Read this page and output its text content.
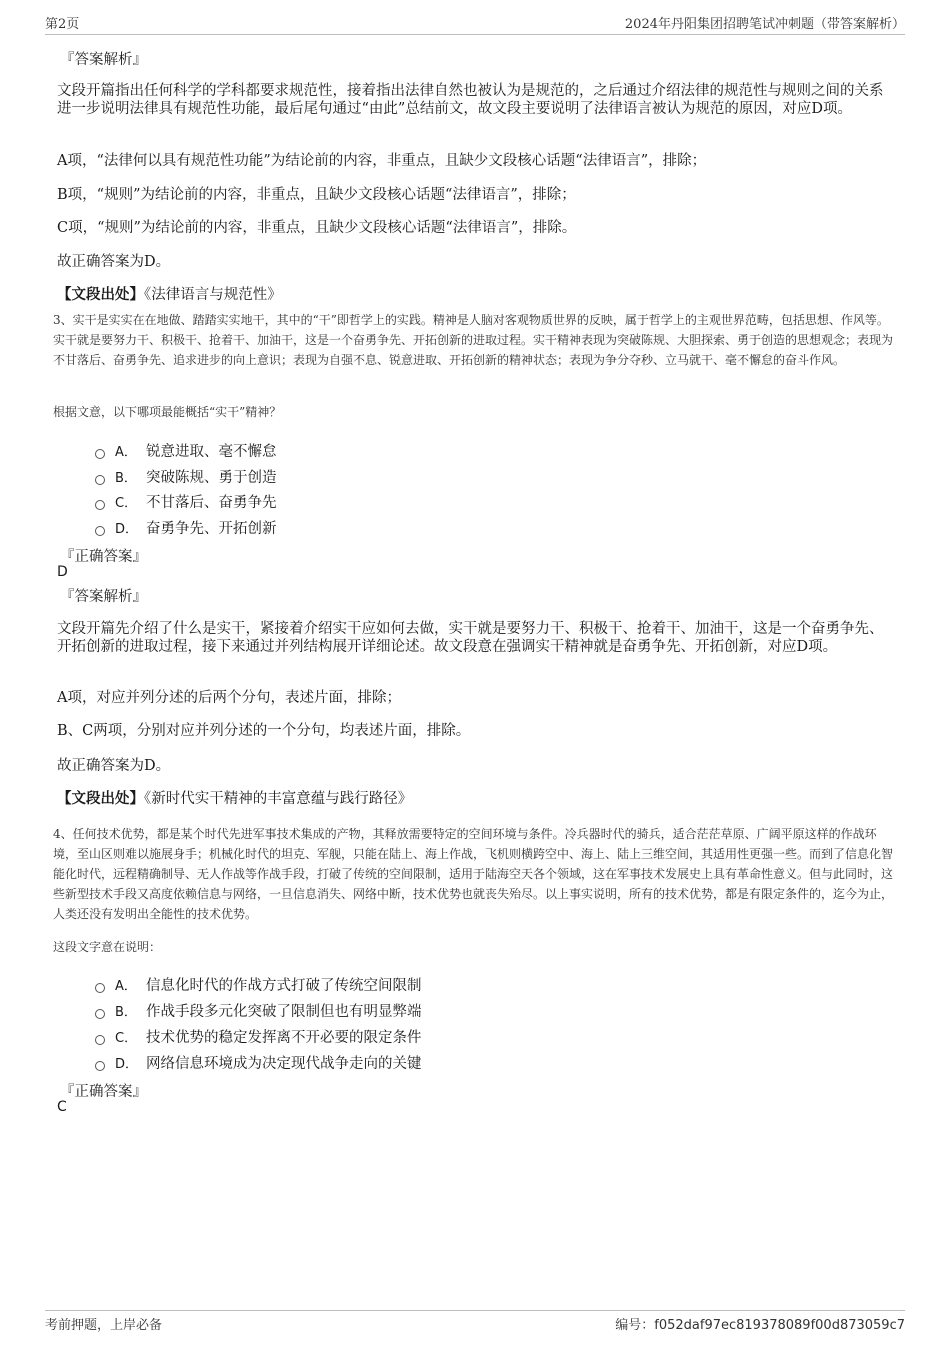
第2页	2024年丹阳集团招聘笔试冲刺题（带答案解析）
『答案解析』
文段开篇指出任何科学的学科都要求规范性，接着指出法律自然也被认为是规范的，之后通过介绍法律的规范性与规则之间的关系进一步说明法律具有规范性功能，最后尾句通过“由此”总结前文，故文段主要说明了法律语言被认为规范的原因，对应D项。
A项，“法律何以具有规范性功能”为结论前的内容，非重点，且缺少文段核心话题“法律语言”，排除；
B项，“规则”为结论前的内容，非重点，且缺少文段核心话题“法律语言”，排除；
C项，“规则”为结论前的内容，非重点，且缺少文段核心话题“法律语言”，排除。
故正确答案为D。
【文段出处】《法律语言与规范性》
3、实干是实实在在地做、踏踏实实地干，其中的“干”即哲学上的实践。精神是人脑对客观物质世界的反映，属于哲学上的主观世界范畴，包括思想、作风等。实干就是要努力干、积极干、抢着干、加油干，这是一个奋勇争先、开拓创新的进取过程。实干精神表现为突破陈规、大胆探索、勇于创造的思想观念；表现为不甘落后、奋勇争先、追求进步的向上意识；表现为自强不息、锐意进取、开拓创新的精神状态；表现为争分夺秒、立马就干、毫不懈怠的奋斗作风。
根据文意，以下哪项最能概括“实干”精神？
A． 锐意进取、毫不懈怠
B． 突破陈规、勇于创造
C． 不甘落后、奋勇争先
D． 奋勇争先、开拓创新
『正确答案』
D
『答案解析』
文段开篇先介绍了什么是实干，紧接着介绍实干应如何去做，实干就是要努力干、积极干、抢着干、加油干，这是一个奋勇争先、开拓创新的进取过程，接下来通过并列结构展开详细论述。故文段意在强调实干精神就是奋勇争先、开拓创新，对应D项。
A项，对应并列分述的后两个分句，表述片面，排除；
B、C两项，分别对应并列分述的一个分句，均表述片面，排除。
故正确答案为D。
【文段出处】《新时代实干精神的丰富意蕴与践行路径》
4、任何技术优势，都是某个时代先进军事技术集成的产物，其释放需要特定的空间环境与条件。冷兵器时代的骑兵，适合茫茫草原、广阔平原这样的作战环境，至山区则难以施展身手；机械化时代的坦克、军舰，只能在陆上、海上作战，飞机则横跨空中、海上、陆上三维空间，其适用性更强一些。而到了信息化智能化时代，远程精确制导、无人作战等作战手段，打破了传统的空间限制，适用于陆海空天各个领域，这在军事技术发展史上具有革命性意义。但与此同时，这些新型技术手段又高度依赖信息与网络，一旦信息消失、网络中断，技术优势也就丧失殆尽。以上事实说明，所有的技术优势，都是有限定条件的，迄今为止，人类还没有发明出全能性的技术优势。
这段文字意在说明：
A． 信息化时代的作战方式打破了传统空间限制
B． 作战手段多元化突破了限制但也有明显弊端
C． 技术优势的稳定发挥离不开必要的限定条件
D． 网络信息环境成为决定现代战争走向的关键
『正确答案』
C
考前押题，上岸必备	编号：f052daf97ec819378089f00d873059c7
